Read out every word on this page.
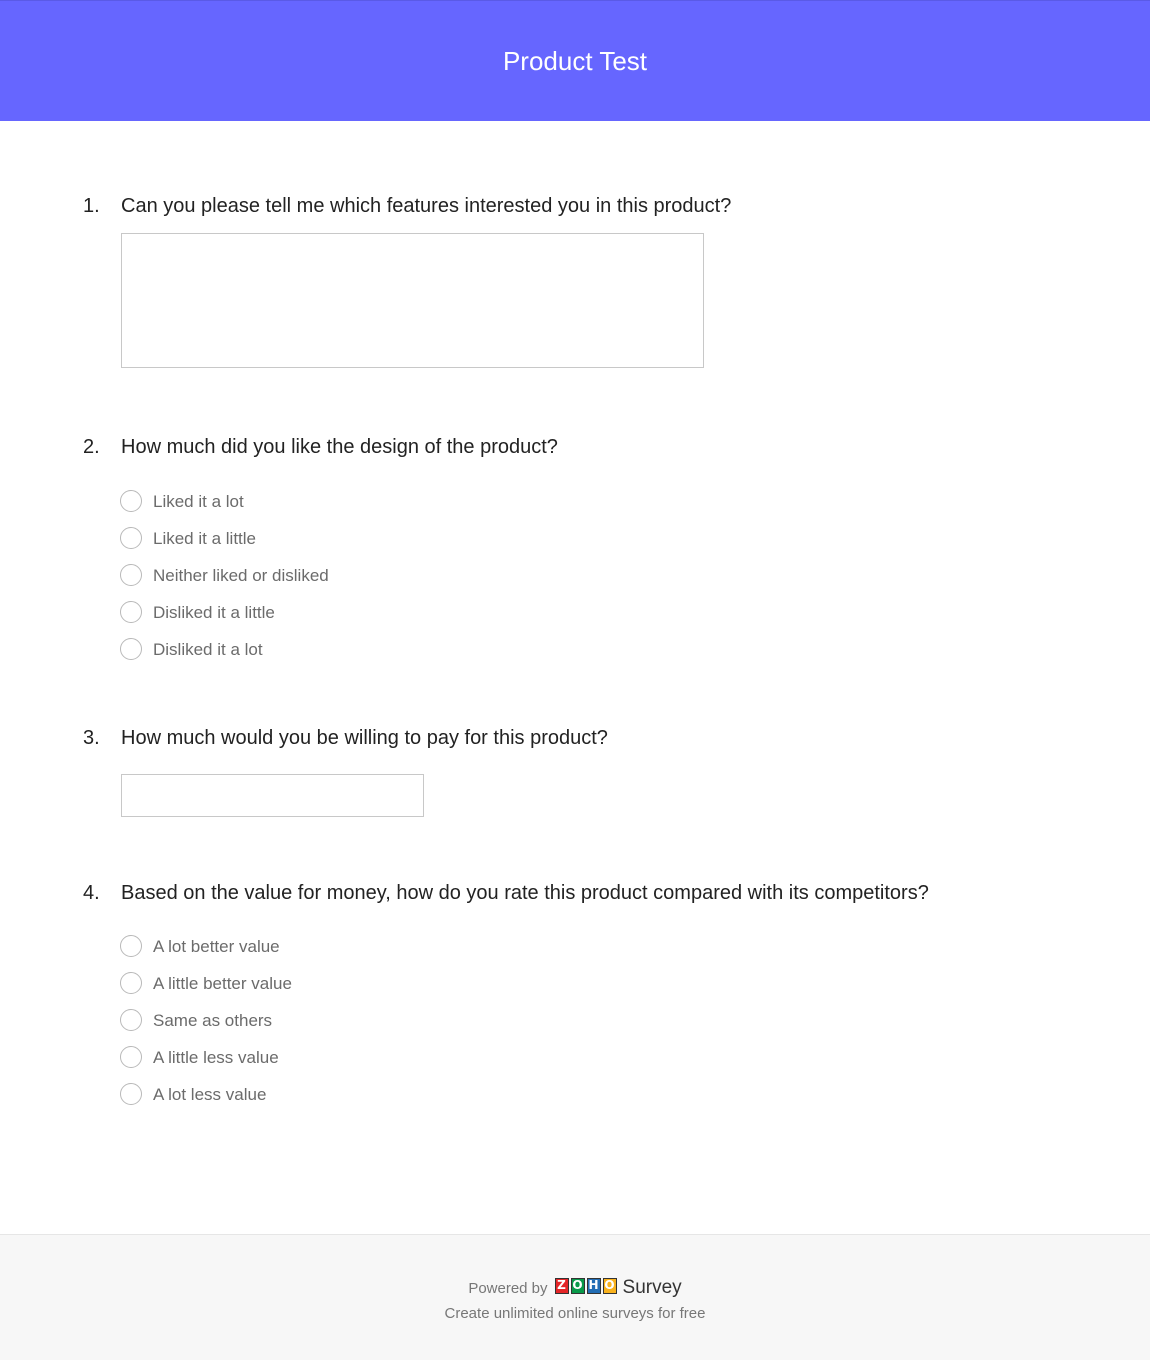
Product Test
1. Can you please tell me which features interested you in this product?
2. How much did you like the design of the product?
Liked it a lot
Liked it a little
Neither liked or disliked
Disliked it a little
Disliked it a lot
3. How much would you be willing to pay for this product?
4. Based on the value for money, how do you rate this product compared with its competitors?
A lot better value
A little better value
Same as others
A little less value
A lot less value
Powered by Z O H O Survey
Create unlimited online surveys for free
